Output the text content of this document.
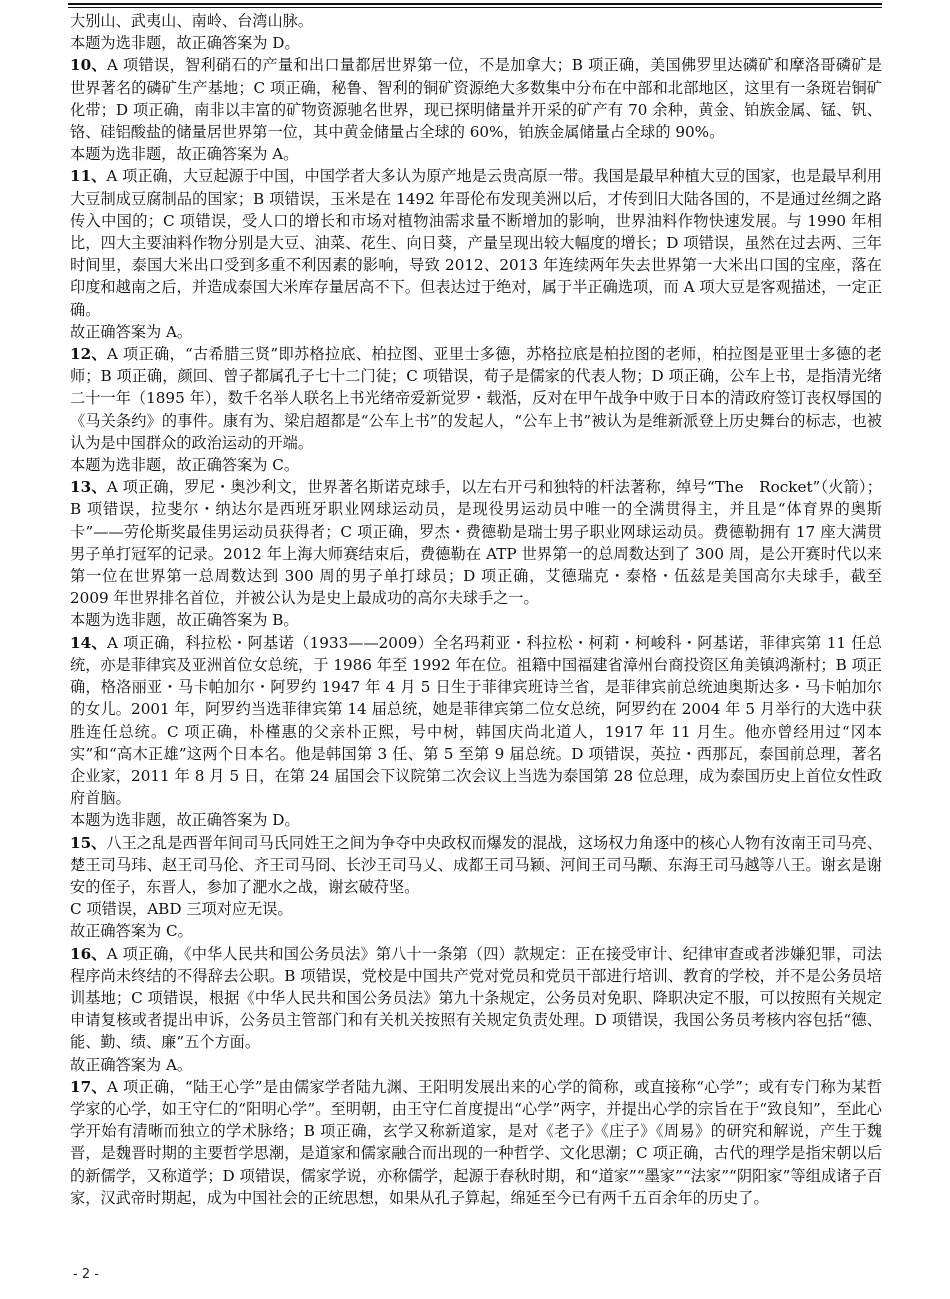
大别山、武夷山、南岭、台湾山脉。

本题为选非题，故正确答案为 D。

10、A 项错误，智利硝石的产量和出口量都居世界第一位，不是加拿大；B 项正确，美国佛罗里达磷矿和摩洛哥磷矿是世界著名的磷矿生产基地；C 项正确，秘鲁、智利的铜矿资源绝大多数集中分布在中部和北部地区，这里有一条斑岩铜矿化带；D 项正确，南非以丰富的矿物资源驰名世界，现已探明储量并开采的矿产有 70 余种，黄金、铂族金属、锰、钒、铬、硅铝酸盐的储量居世界第一位，其中黄金储量占全球的 60%，铂族金属储量占全球的 90%。

本题为选非题，故正确答案为 A。

11、A 项正确，大豆起源于中国，中国学者大多认为原产地是云贵高原一带。我国是最早种植大豆的国家，也是最早利用大豆制成豆腐制品的国家；B 项错误，玉米是在 1492 年哥伦布发现美洲以后，才传到旧大陆各国的，不是通过丝绸之路传入中国的；C 项错误，受人口的增长和市场对植物油需求量不断增加的影响，世界油料作物快速发展。与 1990 年相比，四大主要油料作物分别是大豆、油菜、花生、向日葵，产量呈现出较大幅度的增长；D 项错误，虽然在过去两、三年时间里，泰国大米出口受到多重不利因素的影响，导致 2012、2013 年连续两年失去世界第一大米出口国的宝座，落在印度和越南之后，并造成泰国大米库存量居高不下。但表达过于绝对，属于半正确选项，而 A 项大豆是客观描述，一定正确。

故正确答案为 A。

12、A 项正确，“古希腊三贤”即苏格拉底、柏拉图、亚里士多德，苏格拉底是柏拉图的老师，柏拉图是亚里士多德的老师；B 项正确，颜回、曾子都属孔子七十二门徒；C 项错误，荀子是儒家的代表人物；D 项正确，公车上书，是指清光绪二十一年（1895 年），数千名举人联名上书光绪帝爱新觉罗・载湉，反对在甲午战争中败于日本的清政府签订丧权辱国的《马关条约》的事件。康有为、梁启超都是“公车上书”的发起人，“公车上书”被认为是维新派登上历史舞台的标志，也被认为是中国群众的政治运动的开端。

本题为选非题，故正确答案为 C。

13、A 项正确，罗尼・奥沙利文，世界著名斯诺克球手，以左右开弓和独特的杆法著称，绰号“The　Rocket”（火箭）；B 项错误，拉斐尔・纳达尔是西班牙职业网球运动员，是现役男运动员中唯一的全满贯得主，并且是“体育界的奥斯卡”——劳伦斯奖最佳男运动员获得者；C 项正确，罗杰・费德勒是瑞士男子职业网球运动员。费德勒拥有 17 座大满贯男子单打冠军的记录。2012 年上海大师赛结束后，费德勒在 ATP 世界第一的总周数达到了 300 周，是公开赛时代以来第一位在世界第一总周数达到 300 周的男子单打球员；D 项正确，艾德瑞克・泰格・伍兹是美国高尔夫球手，截至 2009 年世界排名首位，并被公认为是史上最成功的高尔夫球手之一。

本题为选非题，故正确答案为 B。

14、A 项正确，科拉松・阿基诺（1933——2009）全名玛莉亚・科拉松・柯莉・柯峻科・阿基诺，菲律宾第 11 任总统，亦是菲律宾及亚洲首位女总统，于 1986 年至 1992 年在位。祖籍中国福建省漳州台商投资区角美镇鸿渐村；B 项正确，格洛丽亚・马卡帕加尔・阿罗约 1947 年 4 月 5 日生于菲律宾班诗兰省，是菲律宾前总统迪奥斯达多・马卡帕加尔的女儿。2001 年，阿罗约当选菲律宾第 14 届总统，她是菲律宾第二位女总统，阿罗约在 2004 年 5 月举行的大选中获胜连任总统。C 项正确，朴槿惠的父亲朴正熙，号中树，韩国庆尚北道人，1917 年 11 月生。他亦曾经用过“冈本实”和“高木正雄”这两个日本名。他是韩国第 3 任、第 5 至第 9 届总统。D 项错误，英拉・西那瓦，泰国前总理，著名企业家，2011 年 8 月 5 日，在第 24 届国会下议院第二次会议上当选为泰国第 28 位总理，成为泰国历史上首位女性政府首脑。

本题为选非题，故正确答案为 D。

15、八王之乱是西晋年间司马氏同姓王之间为争夺中央政权而爆发的混战，这场权力角逐中的核心人物有汝南王司马亮、楚王司马玮、赵王司马伦、齐王司马冏、长沙王司马乂、成都王司马颖、河间王司马颙、东海王司马越等八王。谢玄是谢安的侄子，东晋人，参加了淝水之战，谢玄破苻坚。

C 项错误，ABD 三项对应无误。

故正确答案为 C。

16、A 项正确，《中华人民共和国公务员法》第八十一条第（四）款规定：正在接受审计、纪律审查或者涉嫌犯罪，司法程序尚未终结的不得辞去公职。B 项错误，党校是中国共产党对党员和党员干部进行培训、教育的学校，并不是公务员培训基地；C 项错误，根据《中华人民共和国公务员法》第九十条规定，公务员对免职、降职决定不服，可以按照有关规定申请复核或者提出申诉，公务员主管部门和有关机关按照有关规定负责处理。D 项错误，我国公务员考核内容包括“德、能、勤、绩、廉”五个方面。

故正确答案为 A。

17、A 项正确，“陆王心学”是由儒家学者陆九渊、王阳明发展出来的心学的简称，或直接称“心学”；或有专门称为某哲学家的心学，如王守仁的“阳明心学”。至明朝，由王守仁首度提出“心学”两字，并提出心学的宗旨在于“致良知”，至此心学开始有清晰而独立的学术脉络；B 项正确，玄学又称新道家，是对《老子》《庄子》《周易》的研究和解说，产生于魏晋，是魏晋时期的主要哲学思潮，是道家和儒家融合而出现的一种哲学、文化思潮；C 项正确，古代的理学是指宋朝以后的新儒学，又称道学；D 项错误，儒家学说，亦称儒学，起源于春秋时期，和“道家”“墨家”“法家”“阴阳家”等组成诸子百家，汉武帝时期起，成为中国社会的正统思想，如果从孔子算起，绵延至今已有两千五百余年的历史了。

- 2 -
